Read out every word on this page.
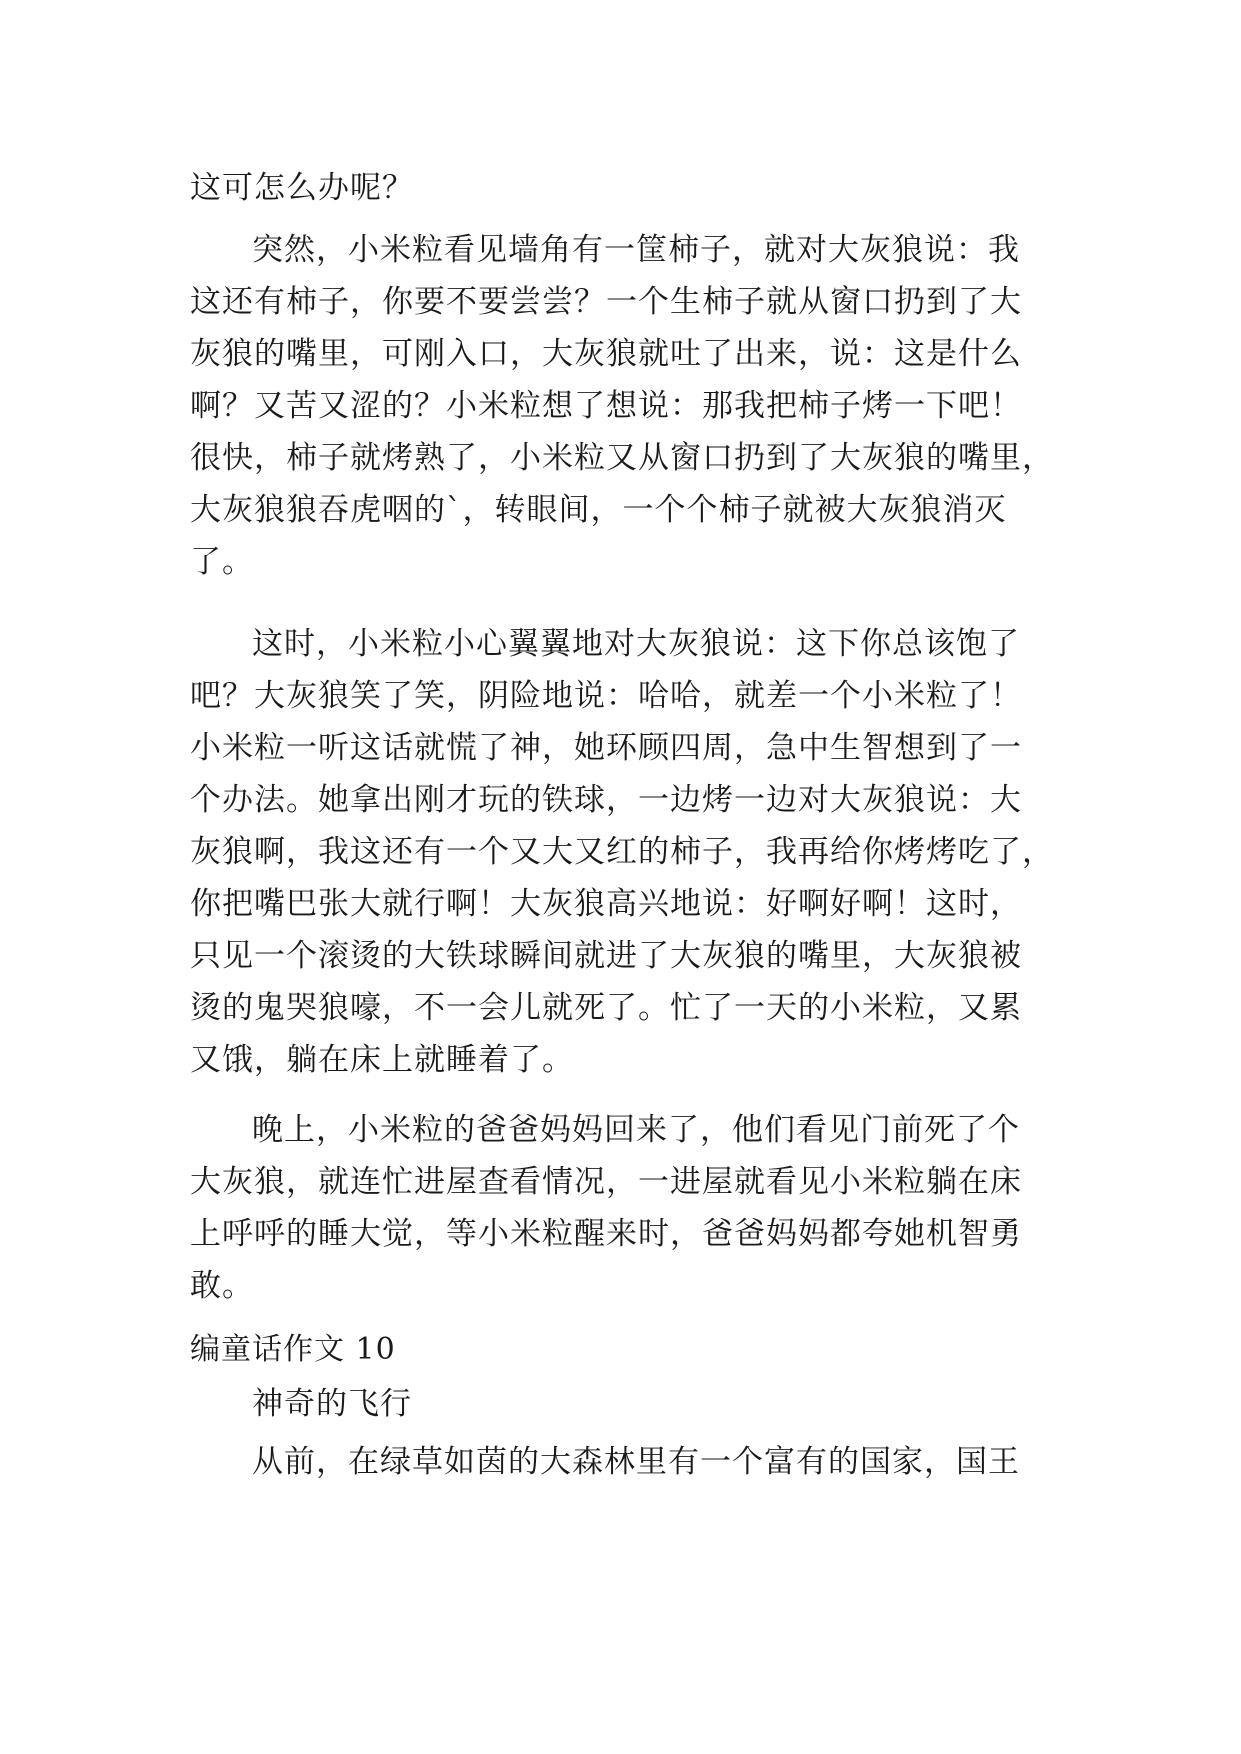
这可怎么办呢？
突然，小米粒看见墙角有一筐柿子，就对大灰狼说：我
这还有柿子，你要不要尝尝？一个生柿子就从窗口扔到了大
灰狼的嘴里，可刚入口，大灰狼就吐了出来，说：这是什么
啊？又苦又涩的？小米粒想了想说：那我把柿子烤一下吧！
很快，柿子就烤熟了，小米粒又从窗口扔到了大灰狼的嘴里，
大灰狼狼吞虎咽的`，转眼间，一个个柿子就被大灰狼消灭
了。
这时，小米粒小心翼翼地对大灰狼说：这下你总该饱了
吧？大灰狼笑了笑，阴险地说：哈哈，就差一个小米粒了！
小米粒一听这话就慌了神，她环顾四周，急中生智想到了一
个办法。她拿出刚才玩的铁球，一边烤一边对大灰狼说：大
灰狼啊，我这还有一个又大又红的柿子，我再给你烤烤吃了，
你把嘴巴张大就行啊！大灰狼高兴地说：好啊好啊！这时，
只见一个滚烫的大铁球瞬间就进了大灰狼的嘴里，大灰狼被
烫的鬼哭狼嚎，不一会儿就死了。忙了一天的小米粒，又累
又饿，躺在床上就睡着了。
晚上，小米粒的爸爸妈妈回来了，他们看见门前死了个
大灰狼，就连忙进屋查看情况，一进屋就看见小米粒躺在床
上呼呼的睡大觉，等小米粒醒来时，爸爸妈妈都夸她机智勇
敢。
编童话作文 10
神奇的飞行
从前，在绿草如茵的大森林里有一个富有的国家，国王
